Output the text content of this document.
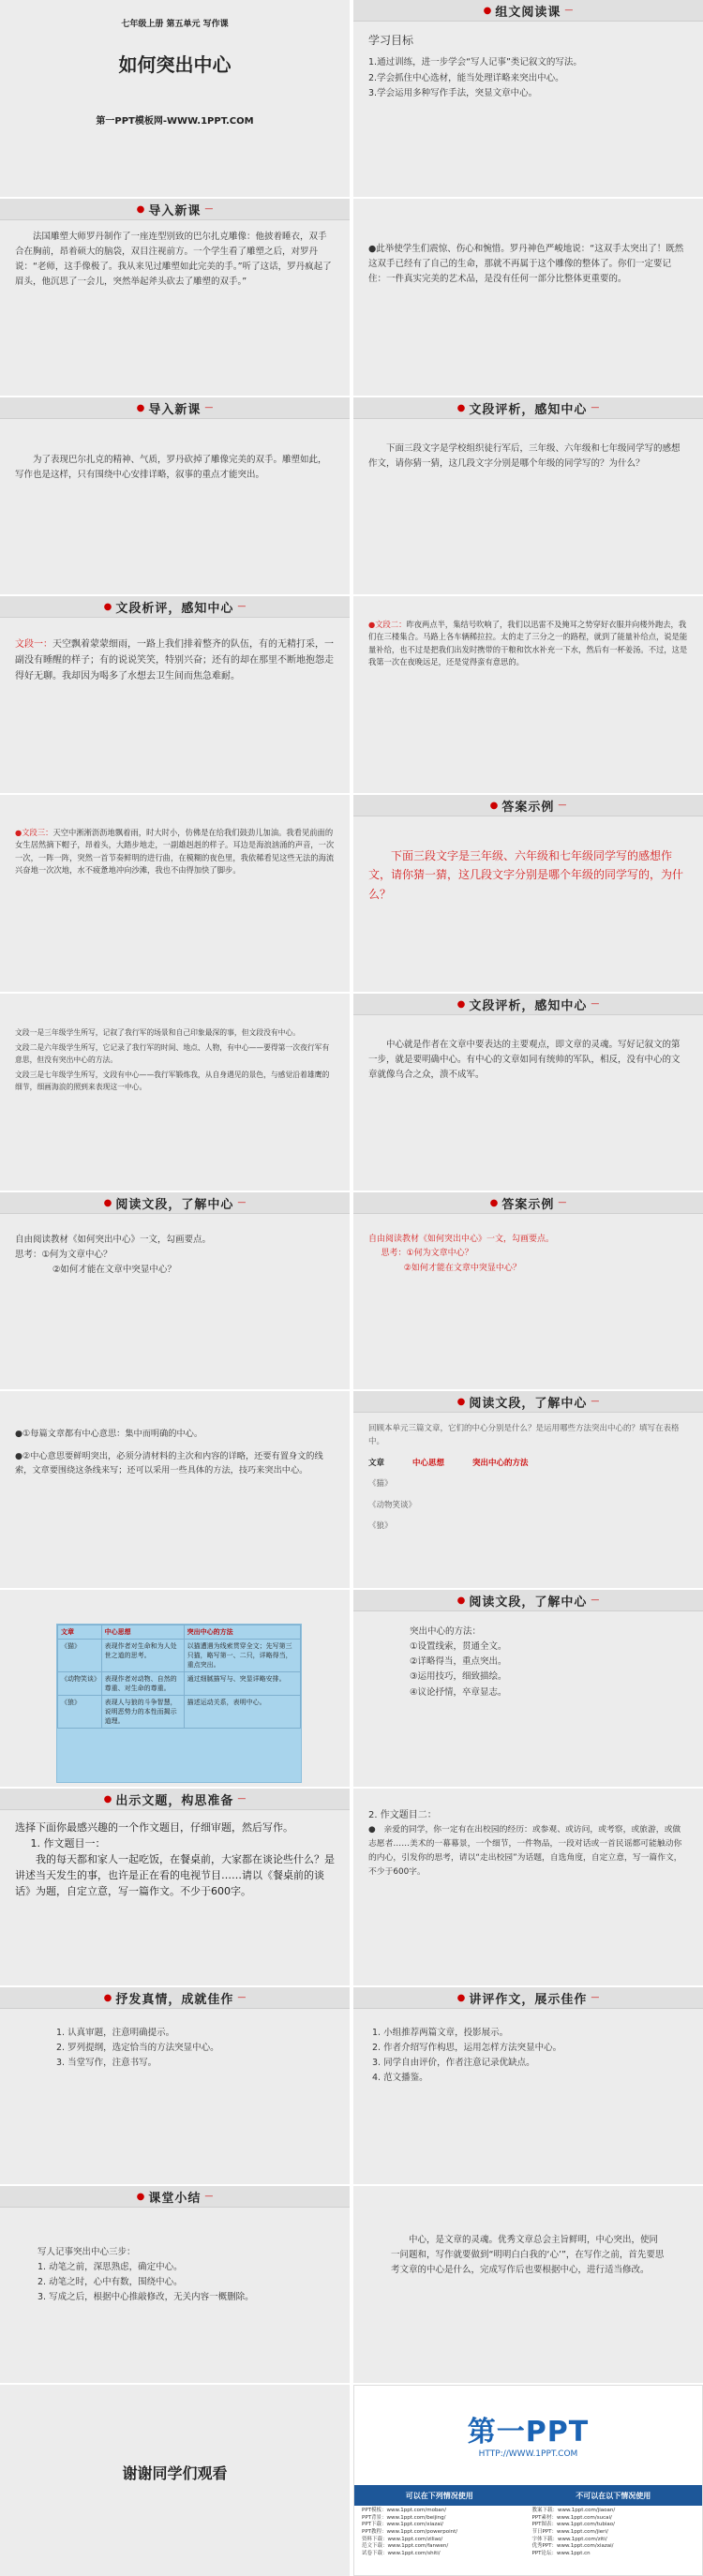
七年级上册 第五单元 写作课
如何突出中心
第一PPT模板网-WWW.1PPT.COM
● 组文阅读课 —
学习目标
1.通过训练，进一步学会“写人记事”类记叙文的写法。
2.学会抓住中心选材，能当处理详略来突出中心。
3.学会运用多种写作手法，突显文章中心。
● 导入新课 —
法国雕塑大师罗丹制作了一座连型别致的巴尔扎克雕像：他披着睡衣，双手合在胸前，昂着硕大的脑袋，双目注视前方。一个学生看了雕塑之后，对罗丹说：“老师，这手像极了。我从来见过雕塑如此完美的手。”听了这话，罗丹疯起了眉头，他沉思了一会儿，突然举起斧头砍去了雕塑的双手。”
●此举使学生们震惊、伤心和惋惜。罗丹神色严峻地说：“这双手太突出了！既然这双手已经有了自己的生命，那就不再属于这个雕像的整体了。你们一定要记住：一件真实完美的艺术品，是没有任何一部分比整体更重要的。
● 导入新课 —
为了表现巴尔扎克的精神、气质，罗丹砍掉了雕像完美的双手。雕塑如此，写作也是这样，只有围绕中心安排详略，叙事的重点才能突出。
● 文段评析，感知中心 —
下面三段文字是学校组织徒行军后，三年级、六年级和七年级同学写的感想作文，请你猜一猜，这几段文字分别是哪个年级的同学写的？为什么？
● 文段析评，感知中心 —
文段一：天空飘着蒙蒙细雨，一路上我们排着整齐的队伍，有的无精打采，一副没有睡醒的样子；有的说说笑笑，特别兴奋；还有的却在那里不断地抱怨走得好无聊。我却因为喝多了水想去卫生间而焦急难耐。
●文段二：昨夜两点半，集结号吹响了，我们以迅雷不及掩耳之势穿好衣服并向楼外跑去，我们在三楼集合。马路上各车辆稀拉拉。太的走了三分之一的路程，就到了能量补给点，说是能量补给，也不过是把我们出发时携带的干粮和饮水补充一下水，然后有一杯姜汤。不过，这是我第一次在夜晚远足，还是觉得蛮有意思的。
●文段三：天空中淅淅沥沥地飘着雨，时大时小，仿佛是在给我们鼓劲儿加油。我看见前面的女生居然摘下帽子，昂着头，大踏步地走，一副雄赳赳的样子。耳边是海浪汹涌的声音，一次一次，一阵一阵，突然一首节奏鲜明的进行曲，在模糊的夜色里，我依稀看见这些无法的海流兴奋地一次次地，水不疲惫地冲向沙滩，我也不由得加快了脚步。
● 答案示例 —
下面三段文字是三年级、六年级和七年级同学写的感想作文，请你猜一猜，这几段文字分别是哪个年级的同学写的，为什么？
文段一是三年级学生所写，记叙了我行军的场景和自己印象最深的事，但文段没有中心。
文段二是六年级学生所写，它记录了我行军的时间、地点、人物，有中心——要得第一次夜行军有意思，但没有突出中心的方法。
文段三是七年级学生所写，文段有中心——我行军锻炼我，从自身遇见的景色，与感觉沿着雄鹰的细节，细画海浪的照到来表现这一中心。
● 文段评析，感知中心 —
中心就是作者在文章中要表达的主要观点，即文章的灵魂。写好记叙文的第一步，就是要明确中心。有中心的文章如同有统帅的军队，相反，没有中心的文章就像乌合之众，溃不成军。
● 阅读文段，了解中心 —
自由阅读教材《如何突出中心》一文，勾画要点。
思考：①何为文章中心？
②如何才能在文章中突显中心？
● 答案示例 —
自由阅读教材《如何突出中心》一文，勾画要点。
思考：①何为文章中心？
②如何才能在文章中突显中心？
●①每篇文章都有中心意思：集中而明确的中心。
●②中心意思要鲜明突出，必须分清材料的主次和内容的详略，还要有置身文的线索，文章要围绕这条线来写；还可以采用一些具体的方法，技巧来突出中心。
● 阅读文段，了解中心 —
回顾本单元三篇文章，它们的中心分别是什么？是运用哪些方法突出中心的？填写在表格中。
文章	中心思想	突出中心的方法
《猫》
《动物笑谈》
《狼》
文章	中心思想	突出中心的方法
《猫》	表现作者对生命和为人处世之道的思考。	以猫遭遇为线索贯穿全文；先写第三只猫，略写第一、二只，详略得当，重点突出。
《动物笑谈》	表现作者对动物、自然的尊重、对生命的尊重。	通过细腻描写与、突显详略安排。
《狼》	表现人与狼的斗争智慧，说明恶势力的本性而揭示道理。	描述运动关系，表明中心。
● 阅读文段，了解中心 —
突出中心的方法：
①设置线索，贯通全文。
②详略得当，重点突出。
③运用技巧，细致描绘。
④议论抒情，卒章显志。
● 出示文题，构思准备 —
选择下面你最感兴趣的一个作文题目，仔细审题，然后写作。
1. 作文题目一：
我的每天都和家人一起吃饭，在餐桌前，大家都在谈论些什么？是讲述当天发生的事，也许是正在看的电视节目……请以《餐桌前的谈话》为题，自定立意，写一篇作文。不少于600字。
2. 作文题目二：
●　亲爱的同学，你一定有在出校园的经历：或参观、或访问，或考察，或旅游，或做志愿者……美术的一幕幕景，一个细节，一件物品，一段对话或一首民谣都可能触动你的内心，引发你的思考，请以“走出校园”为话题，自选角度，自定立意，写一篇作文，不少于600字。
● 抒发真情，成就佳作 —
1. 认真审题，注意明确提示。
2. 罗列提纲，选定恰当的方法突显中心。
3. 当堂写作，注意书写。
● 讲评作文，展示佳作 —
1. 小组推荐两篇文章，投影展示。
2. 作者介绍写作构思，运用怎样方法突显中心。
3. 同学自由评价，作者注意记录优缺点。
4. 范文播鉴。
● 课堂小结 —
写人记事突出中心三步：
1. 动笔之前，深思熟虑，确定中心。
2. 动笔之时，心中有数，围绕中心。
3. 写成之后，根据中心推敲修改，无关内容一概删除。
中心，是文章的灵魂。优秀文章总会主旨鲜明，中心突出，使同一问题和，写作就要做到“明明白白我的‘心’”，在写作之前，首先要思考文章的中心是什么，完成写作后也要根据中心，进行适当修改。
谢谢同学们观看
第一PPT
HTTP://WWW.1PPT.COM
可以在下列情况使用	不可以在以下情况使用
PPT模板：www.1ppt.com/moban/	教案下载：www.1ppt.com/jiaoan/
PPT背景：www.1ppt.com/beijing/	PPT素材：www.1ppt.com/sucai/
PPT下载：www.1ppt.com/xiazai/	PPT图表：www.1ppt.com/tubiao/
PPT教程：www.1ppt.com/powerpoint/	节日PPT：www.1ppt.com/jieri/
资料下载：www.1ppt.com/ziliao/	字体下载：www.1ppt.com/ziti/
范文下载：www.1ppt.com/fanwen/	优秀PPT：www.1ppt.com/xiazai/
试卷下载：www.1ppt.com/shiti/	PPT论坛：www.1ppt.cn
